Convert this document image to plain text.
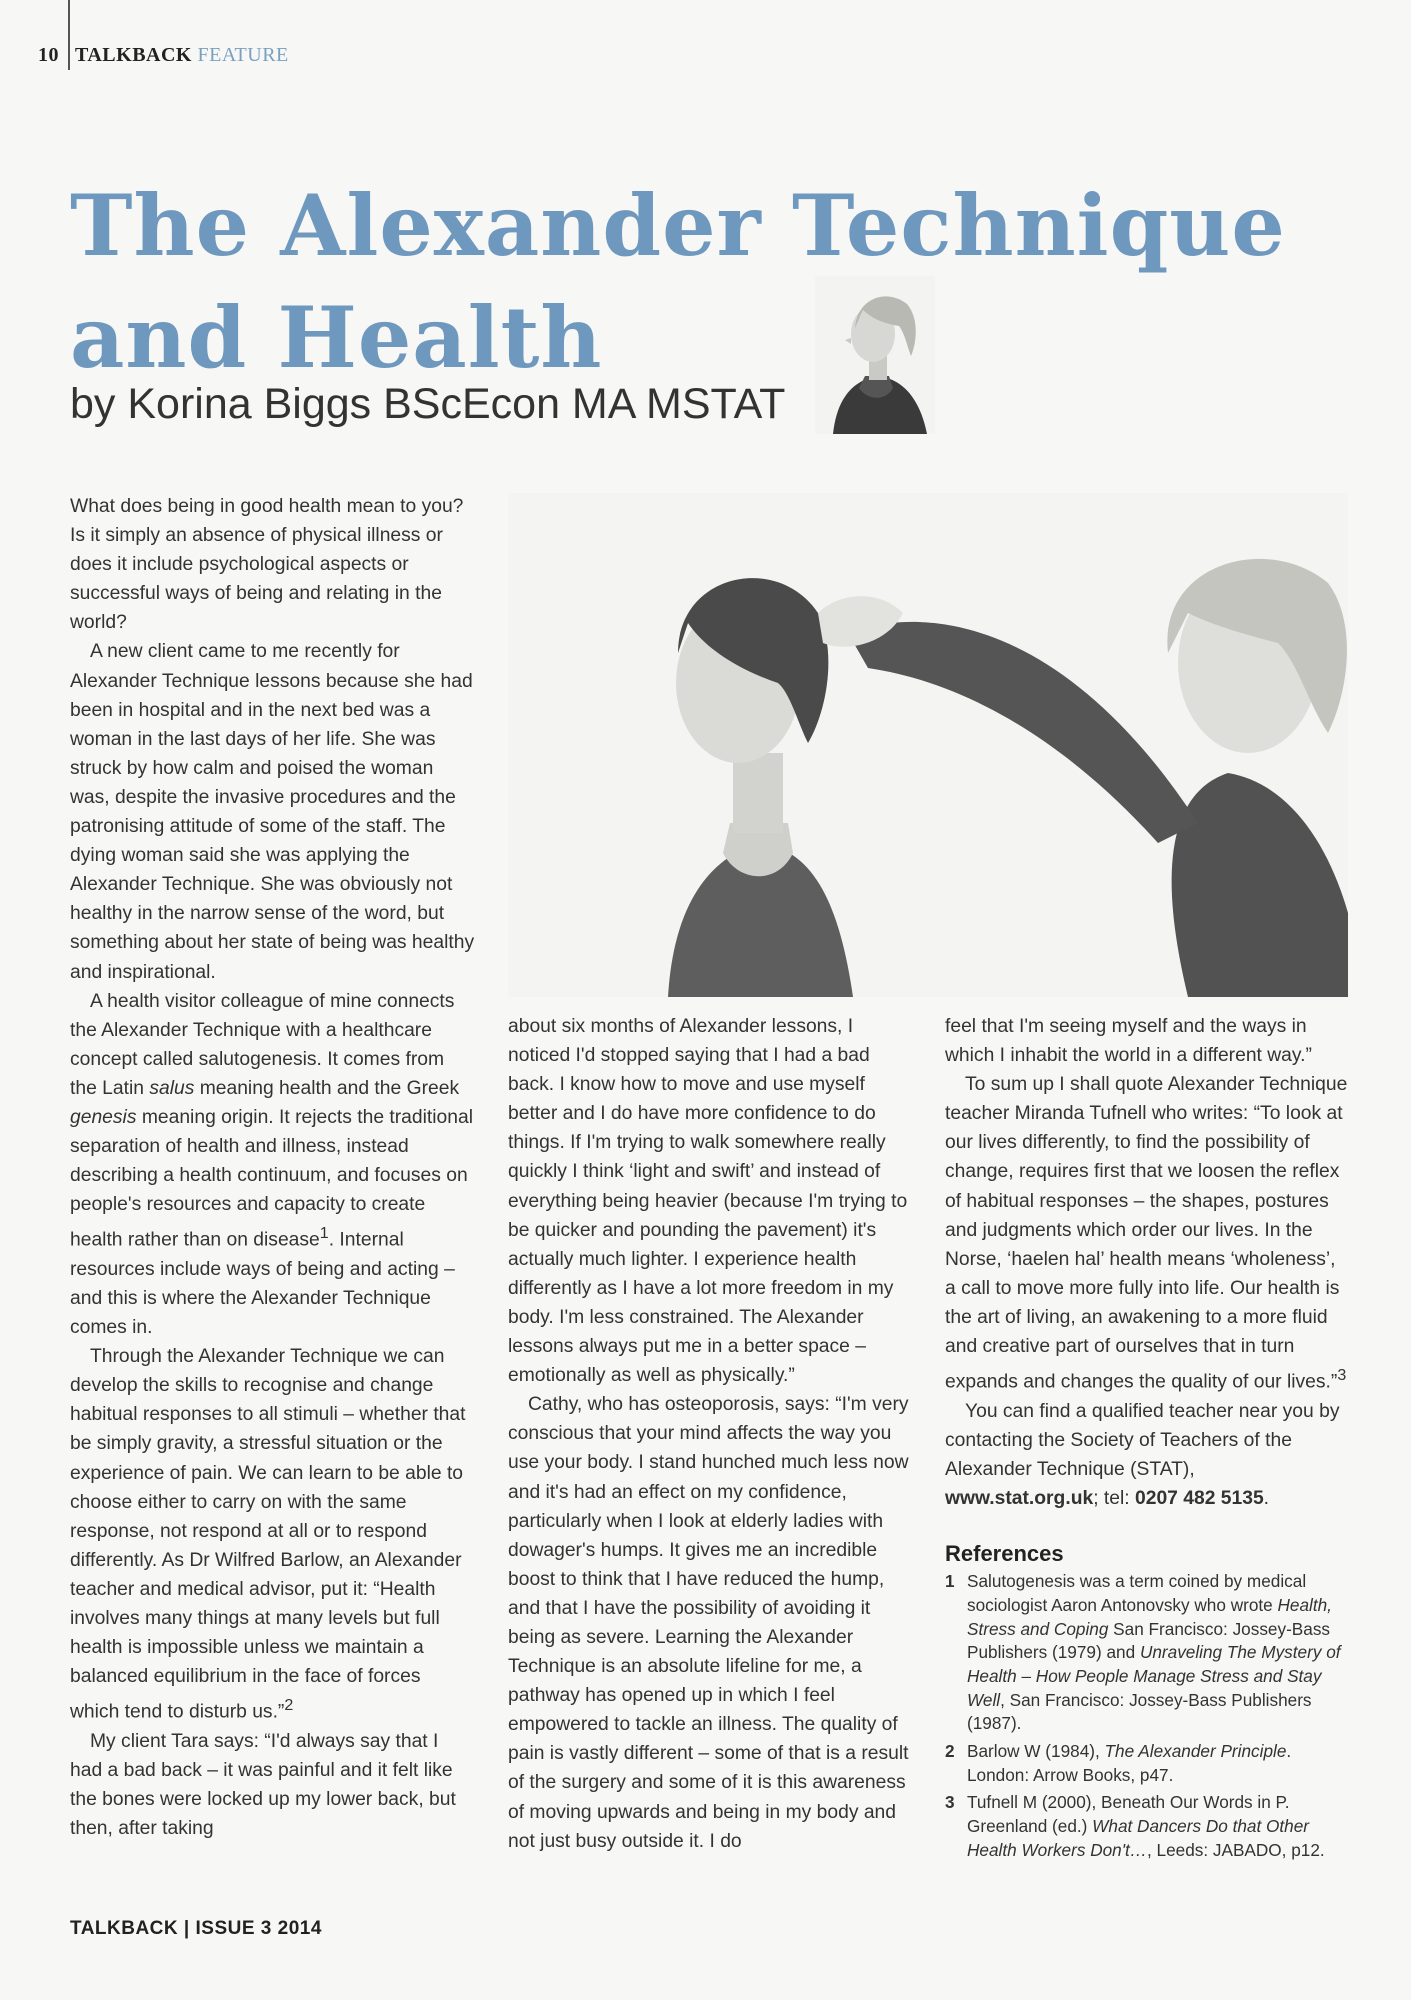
10 TALKBACK FEATURE
The Alexander Technique
and Health
by Korina Biggs BScEcon MA MSTAT

What does being in good health mean to you? Is it simply an absence of physical illness or does it include psychological aspects or successful ways of being and relating in the world?

A new client came to me recently for Alexander Technique lessons because she had been in hospital and in the next bed was a woman in the last days of her life. She was struck by how calm and poised the woman was, despite the invasive procedures and the patronising attitude of some of the staff. The dying woman said she was applying the Alexander Technique. She was obviously not healthy in the narrow sense of the word, but something about her state of being was healthy and inspirational.

A health visitor colleague of mine connects the Alexander Technique with a healthcare concept called salutogenesis. It comes from the Latin salus meaning health and the Greek genesis meaning origin. It rejects the traditional separation of health and illness, instead describing a health continuum, and focuses on people's resources and capacity to create health rather than on disease$^1$. Internal resources include ways of being and acting – and this is where the Alexander Technique comes in.

Through the Alexander Technique we can develop the skills to recognise and change habitual responses to all stimuli – whether that be simply gravity, a stressful situation or the experience of pain. We can learn to be able to choose either to carry on with the same response, not respond at all or to respond differently. As Dr Wilfred Barlow, an Alexander teacher and medical advisor, put it: “Health involves many things at many levels but full health is impossible unless we maintain a balanced equilibrium in the face of forces which tend to disturb us.”$^2$

My client Tara says: “I'd always say that I had a bad back – it was painful and it felt like the bones were locked up my lower back, but then, after taking

about six months of Alexander lessons, I noticed I'd stopped saying that I had a bad back. I know how to move and use myself better and I do have more confidence to do things. If I'm trying to walk somewhere really quickly I think ‘light and swift’ and instead of everything being heavier (because I'm trying to be quicker and pounding the pavement) it's actually much lighter. I experience health differently as I have a lot more freedom in my body. I'm less constrained. The Alexander lessons always put me in a better space – emotionally as well as physically.”

Cathy, who has osteoporosis, says: “I'm very conscious that your mind affects the way you use your body. I stand hunched much less now and it's had an effect on my confidence, particularly when I look at elderly ladies with dowager's humps. It gives me an incredible boost to think that I have reduced the hump, and that I have the possibility of avoiding it being as severe. Learning the Alexander Technique is an absolute lifeline for me, a pathway has opened up in which I feel empowered to tackle an illness. The quality of pain is vastly different – some of that is a result of the surgery and some of it is this awareness of moving upwards and being in my body and not just busy outside it. I do

feel that I'm seeing myself and the ways in which I inhabit the world in a different way.”

To sum up I shall quote Alexander Technique teacher Miranda Tufnell who writes: “To look at our lives differently, to find the possibility of change, requires first that we loosen the reflex of habitual responses – the shapes, postures and judgments which order our lives. In the Norse, ‘haelen hal’ health means ‘wholeness’, a call to move more fully into life. Our health is the art of living, an awakening to a more fluid and creative part of ourselves that in turn expands and changes the quality of our lives.”$^3$

You can find a qualified teacher near you by contacting the Society of Teachers of the Alexander Technique (STAT), www.stat.org.uk; tel: 0207 482 5135.

References
1 Salutogenesis was a term coined by medical sociologist Aaron Antonovsky who wrote Health, Stress and Coping San Francisco: Jossey-Bass Publishers (1979) and Unraveling The Mystery of Health – How People Manage Stress and Stay Well, San Francisco: Jossey-Bass Publishers (1987).
2 Barlow W (1984), The Alexander Principle. London: Arrow Books, p47.
3 Tufnell M (2000), Beneath Our Words in P. Greenland (ed.) What Dancers Do that Other Health Workers Don't…, Leeds: JABADO, p12.
TALKBACK | ISSUE 3 2014
